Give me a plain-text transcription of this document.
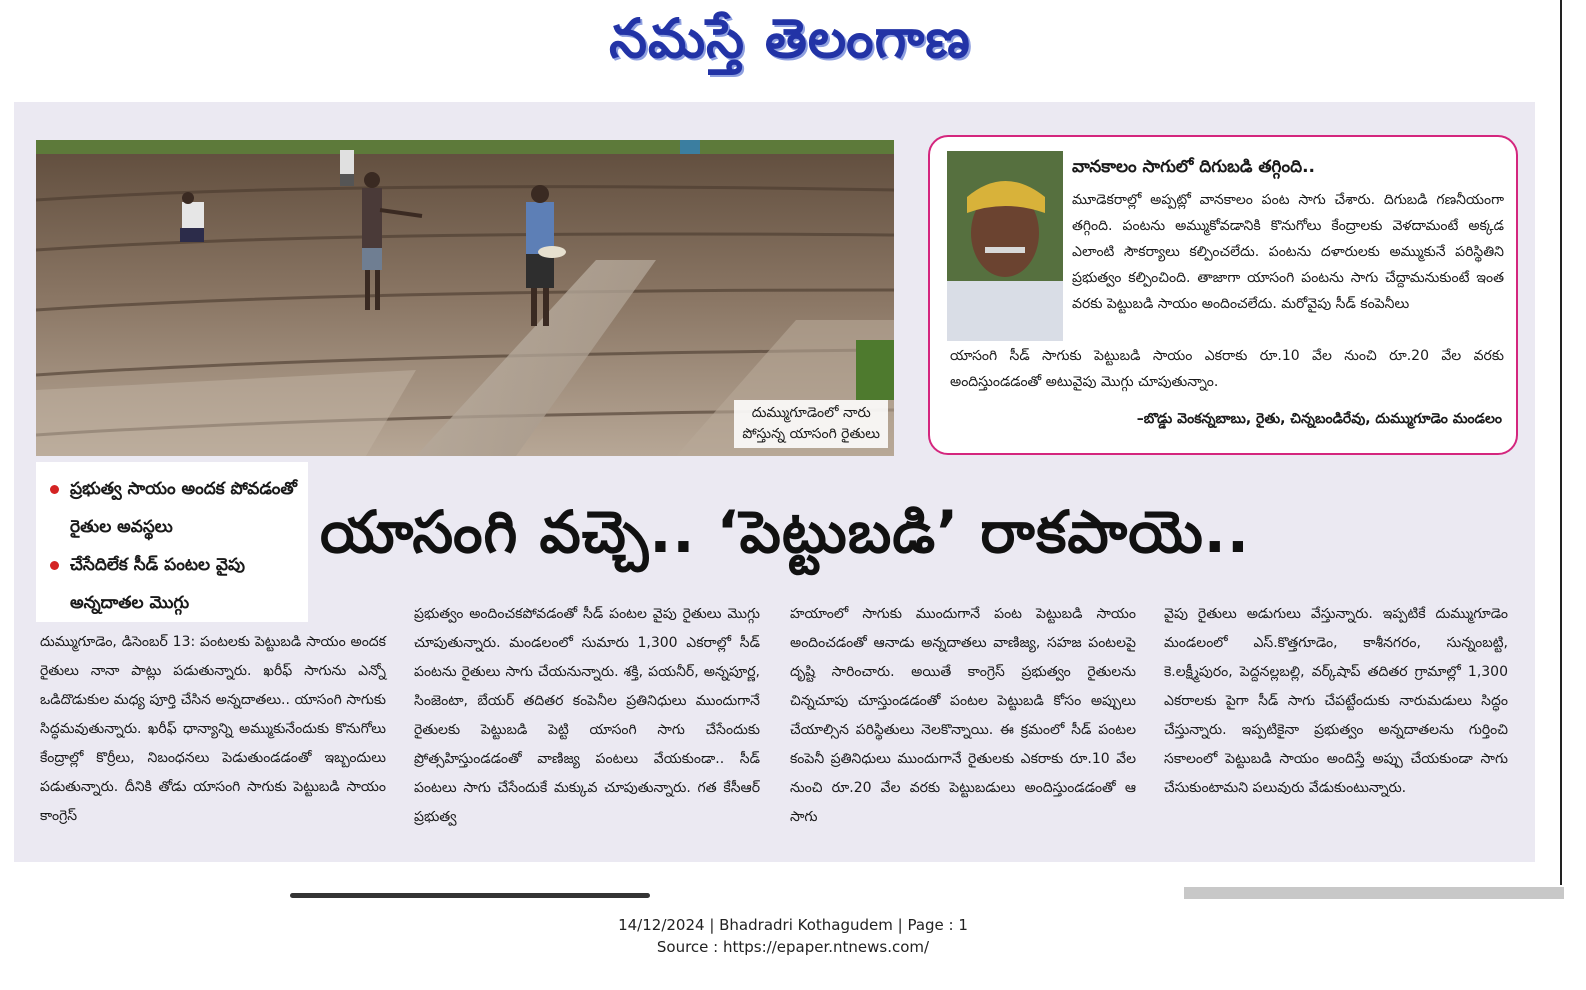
నమస్తే తెలంగాణ
దుమ్ముగూడెంలో నారు
పోస్తున్న యాసంగి రైతులు
వానకాలం సాగులో దిగుబడి తగ్గింది..
మూడెకరాల్లో అప్పట్లో వానకాలం పంట సాగు చేశారు. దిగుబడి గణనీయంగా తగ్గింది. పంటను అమ్ముకోవడానికి కొనుగోలు కేంద్రాలకు వెళదామంటే అక్కడ ఎలాంటి సౌకర్యాలు కల్పించలేదు. పంటను దళారులకు అమ్ముకునే పరిస్థితిని ప్రభుత్వం కల్పించింది. తాజాగా యాసంగి పంటను సాగు చేద్దామనుకుంటే ఇంత వరకు పెట్టుబడి సాయం అందించలేదు. మరోవైపు సీడ్ కంపెనీలు
యాసంగి సీడ్ సాగుకు పెట్టుబడి సాయం ఎకరాకు రూ.10 వేల నుంచి రూ.20 వేల వరకు అందిస్తుండడంతో అటువైపు మొగ్గు చూపుతున్నాం.
–బొడ్డు వెంకన్నబాబు, రైతు, చిన్నబండిరేవు, దుమ్ముగూడెం మండలం
ప్రభుత్వ సాయం అందక పోవడంతో రైతుల అవస్థలు
చేసేదిలేక సీడ్ పంటల వైపు అన్నదాతల మొగ్గు
యాసంగి వచ్చె.. ‘పెట్టుబడి’ రాకపాయె..
దుమ్ముగూడెం, డిసెంబర్ 13: పంటలకు పెట్టుబడి సాయం అందక రైతులు నానా పాట్లు పడుతున్నారు. ఖరీఫ్ సాగును ఎన్నో ఒడిదొడుకుల మధ్య పూర్తి చేసిన అన్నదాతలు.. యాసంగి సాగుకు సిద్ధమవుతున్నారు. ఖరీఫ్ ధాన్యాన్ని అమ్ముకునేందుకు కొనుగోలు కేంద్రాల్లో కొర్రీలు, నిబంధనలు పెడుతుండడంతో ఇబ్బందులు పడుతున్నారు. దీనికి తోడు యాసంగి సాగుకు పెట్టుబడి సాయం కాంగ్రెస్
ప్రభుత్వం అందించకపోవడంతో సీడ్ పంటల వైపు రైతులు మొగ్గు చూపుతున్నారు. మండలంలో సుమారు 1,300 ఎకరాల్లో సీడ్ పంటను రైతులు సాగు చేయనున్నారు. శక్తి, పయనీర్, అన్నపూర్ణ, సింజెంటా, బేయర్ తదితర కంపెనీల ప్రతినిధులు ముందుగానే రైతులకు పెట్టుబడి పెట్టి యాసంగి సాగు చేసేందుకు ప్రోత్సహిస్తుండడంతో వాణిజ్య పంటలు వేయకుండా.. సీడ్ పంటలు సాగు చేసేందుకే మక్కువ చూపుతున్నారు. గత కేసీఆర్ ప్రభుత్వ
హయాంలో సాగుకు ముందుగానే పంట పెట్టుబడి సాయం అందించడంతో ఆనాడు అన్నదాతలు వాణిజ్య, సహజ పంటలపై దృష్టి సారించారు. అయితే కాంగ్రెస్ ప్రభుత్వం రైతులను చిన్నచూపు చూస్తుండడంతో పంటల పెట్టుబడి కోసం అప్పులు చేయాల్సిన పరిస్థితులు నెలకొన్నాయి. ఈ క్రమంలో సీడ్ పంటల కంపెనీ ప్రతినిధులు ముందుగానే రైతులకు ఎకరాకు రూ.10 వేల నుంచి రూ.20 వేల వరకు పెట్టుబడులు అందిస్తుండడంతో ఆ సాగు
వైపు రైతులు అడుగులు వేస్తున్నారు. ఇప్పటికే దుమ్ముగూడెం మండలంలో ఎస్.కొత్తగూడెం, కాశీనగరం, సున్నంబట్టి, కె.లక్ష్మీపురం, పెద్దనల్లబల్లి, వర్క్‌షాప్ తదితర గ్రామాల్లో 1,300 ఎకరాలకు పైగా సీడ్ సాగు చేపట్టేందుకు నారుమడులు సిద్ధం చేస్తున్నారు. ఇప్పటికైనా ప్రభుత్వం అన్నదాతలను గుర్తించి సకాలంలో పెట్టుబడి సాయం అందిస్తే అప్పు చేయకుండా సాగు చేసుకుంటామని పలువురు వేడుకుంటున్నారు.
14/12/2024 | Bhadradri Kothagudem | Page : 1
Source : https://epaper.ntnews.com/
